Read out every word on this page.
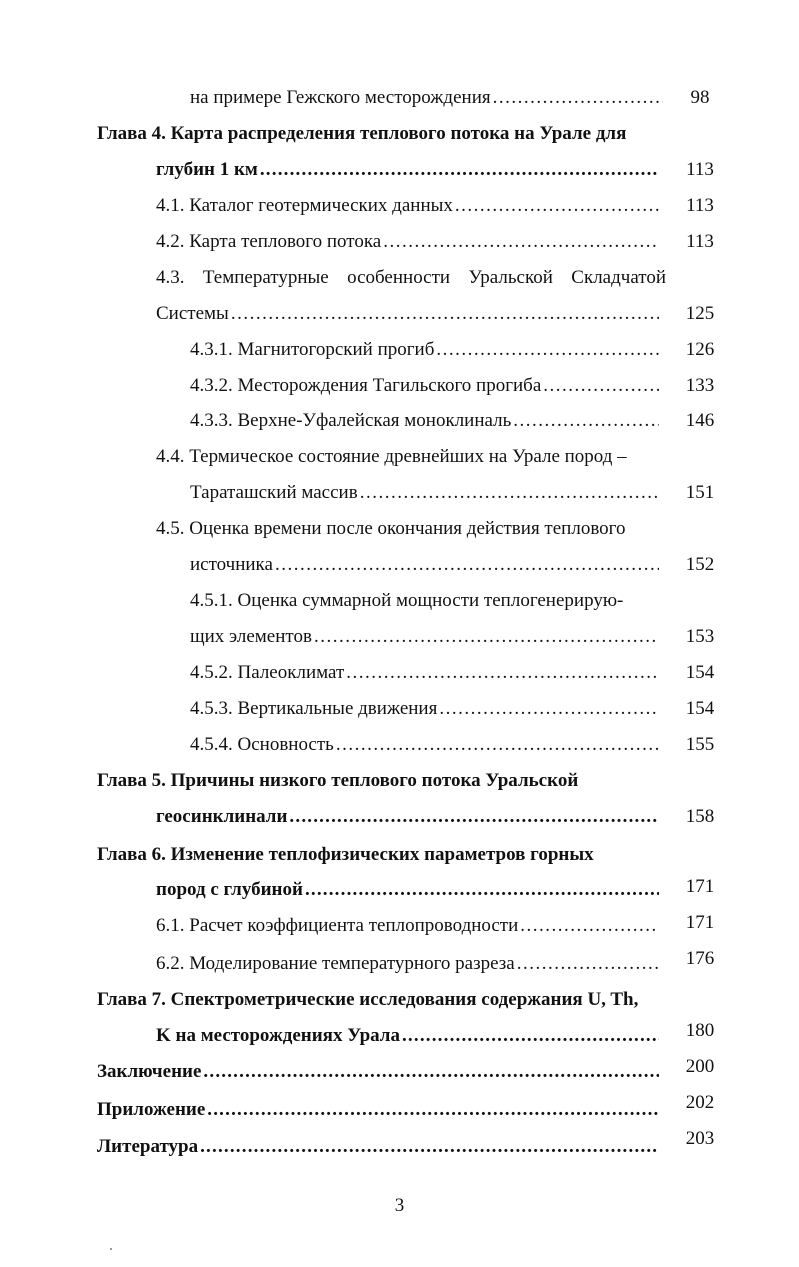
на примере Гежского месторождения .....	98
Глава 4. Карта распределения теплового потока на Урале для
глубин 1 км .....	113
4.1. Каталог геотермических данных .....	113
4.2. Карта теплового потока .....	113
4.3. Температурные особенности Уральской Складчатой
Системы .....	125
4.3.1. Магнитогорский прогиб .....	126
4.3.2. Месторождения Тагильского прогиба .....	133
4.3.3. Верхне-Уфалейская моноклиналь .....	146
4.4. Термическое состояние древнейших на Урале пород –
Тараташский массив .....	151
4.5. Оценка времени после окончания действия теплового
источника .....	152
4.5.1. Оценка суммарной мощности теплогенерирую-
щих элементов .....	153
4.5.2. Палеоклимат .....	154
4.5.3. Вертикальные движения .....	154
4.5.4. Основность .....	155
Глава 5. Причины низкого теплового потока Уральской
геосинклинали .....	158
Глава 6. Изменение теплофизических параметров горных
пород с глубиной .....	171
6.1. Расчет коэффициента теплопроводности .....	171
6.2. Моделирование температурного разреза .....	176
Глава 7. Спектрометрические исследования содержания U, Th,
K на месторождениях Урала .....	180
Заключение .....	200
Приложение .....	202
Литература .....	203
3
